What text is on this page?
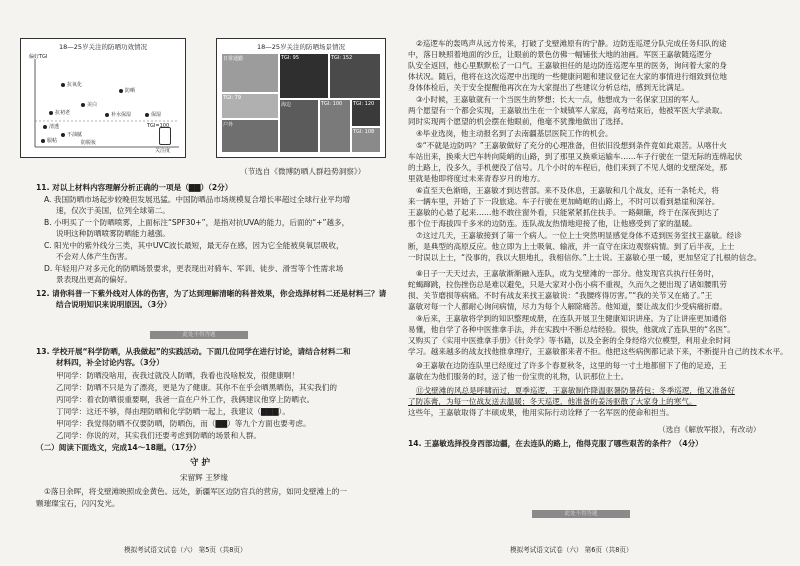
18—25岁关注的防晒功效情况
偏好TGI
防晒
抗氧化
美白
补水保湿	保湿
抗初老
清透	TGI=100
不油腻
服帖	防脱妆
关注度
18—25岁关注的防晒场景情况
日常通勤
TGI: 79
户外
TGI: 95	TGI: 152
海边	TGI: 100	TGI: 120
TGI: 108
（节选自《微博防晒人群趋势洞察》）
11. 对以上材料内容理解分析正确的一项是（▇▇）（2分）
A. 我国防晒市场起步较晚但发展迅猛。中国防晒品市场规模复合增长率超过全球行业平均增
速，仅次于美国，位列全球第二。
B. 小明买了一个防晒喷雾，上面标注“SPF30+”，是指对抗UVA的能力，后面的“+”越多，
说明这种防晒喷雾防晒能力越强。
C. 阳光中的紫外线分三类，其中UVC波长最短，最无存在感，因为它全能被臭氧层吸收，
不会对人体产生伤害。
D. 年轻用户对多元化的防晒场景要求，更表现出对骑车、军训、徒步、滑雪等个性需求场
景表现出更高的偏好。
12. 请你科普一下紫外线对人体的伤害，为了达到理解清晰的科普效果，你会选择材料二还是材料三？请
结合说明知识来说明原因。（3分）
此处不得答题
13. 学校开展“科学防晒，从我做起”的实践活动。下面几位同学在进行讨论，请结合材料二和
材料四，补全讨论内容。（3分）
甲同学：防晒没啥用，夜我过就没人防晒，我看也没啥脱发，很健康啊！
乙同学：防晒不只是为了漂亮，更是为了健康。其你不在乎会晒黑晒伤，其实我们的
丙同学：着衣防晒很重要啊，我爸一直在户外工作，我俩建议他穿上防晒衣。
丁同学：这还不够，得由理防晒和化学防晒一起上，我建议（▇▇▇）。
甲同学：我觉得防晒不仅要防晒，防晒伤，而（▇▇）等九个方面也要考虑。
乙同学：你说的对，其实我们还要考虑到防晒的场景和人群。
（二）阅读下面选文，完成14～18题。（17分）
守 护
宋留辉 王梦缘
①落日余晖，将戈壁滩映照成金黄色。远处，新疆军区边防官兵的营房，如同戈壁滩上的一
颗璀璨宝石，闪闪发光。
模拟考试语文试卷（六） 第5页（共8页）
②巡逻车的轰鸣声从远方传来，打破了戈壁滩原有的宁静。边防连巡逻分队完成任务归队的途
中，落日映照着地面的沙丘，让眼前的景色仿佛一幅铺张大地的油画。军医王嘉敏随巡逻分
队安全返回，他心里默默松了一口气。王嘉敏担任的是边防连巡逻车里的医务，询问着大家的身
体状况。随后，他将在这次巡逻中出现的一些健康问题和建议登记在大家的事情进行细致到位地
身体体检后，关于安全提醒他再次在为大家提出了些建议分析总结，感到无比满足。
③小时候，王嘉敏就有一个当医生的梦想；长大一点，他想成为一名保家卫国的军人。
两个愿望有一个都会实现，王嘉敏出生在一个城镇军人家庭，高考结束后，他被军医大学录取。
同时实现两个愿望的机会摆在他眼前，他毫不犹豫地做出了选择。
④毕业选岗，他主动报名到了去南疆基层医院工作的机会。
⑤“不就是边防吗？”王嘉敏做好了充分的心理准备，但依旧没想到条件竟如此艰苦。从喀什火
车站出来，换乘大巴车转向陡峭的山路，到了那里又换乘运输车……车子行驶在一望无际的连绵起伏
的土路上，没多久，手机便没了信号。几个小时的车程后，他们来到了不见人烟的戈壁深处，那
里就是他即将度过未来青春岁月的地方。
⑥直至天色渐暗，王嘉敏才到达营部。来不及休息，王嘉敏和几个战友，还有一条牦犬，将
来一辆车里，开始了下一段旅途。车子行驶在更加崎岖的山路上，不时可以看到悬崖和深谷。
王嘉敏的心悬了起来……他不敢往窗外看，只能紧紧抓住扶手。一路颠簸，终于在深夜到达了
那个位于海拔四千多米的边防连。连队战友热情地迎接了他，让他感受到了家的温暖。
⑦这过几天，王嘉敏接到了第一个病人。一位上士突然明显感觉身体不适到医务室找王嘉敏。经诊
断，是典型的高原反应。他立即为上士吸氧、输液，并一直守在床边观察病情。到了后半夜，上士
一时误以上士，“没事的，我以大胆地扎，我相信你。”上士说。王嘉敏心里一暖，更加坚定了扎根的信念。
⑧日子一天天过去，王嘉敏渐渐融入连队，成为戈壁滩的一部分。他发现官兵执行任务时，
蛇蝎蹿跳，拉伤挫伤总是难以避免，只是大家对小伤小病不重视，久而久之便出现了诸如腰肌劳
损、关节磨损等病痛。不时有战友来找王嘉敏说：“我腰疼得厉害。”“我的关节又在痛了。”王
嘉敏对每一个人都耐心询问病情，尽力为每个人解除痛苦。他知道，要让战友们少受病痛折磨。
⑨后来，王嘉敏将学到的知识整理成册，在连队开展卫生健康知识讲座。为了让讲座更加通俗
易懂，他自学了各种中医推拿手法，并在实践中不断总结经验。很快，他就成了连队里的“名医”。
又购买了《实用中医推拿手册》《针灸学》等书籍，以及全套的全身经络穴位模型，利用业余时间
学习。越来越多的战友找他推拿理疗，王嘉敏都来者不拒。他把这些病例都记录下来，不断提升自己的技术水平。
⑩王嘉敏在边防连队里已经度过了许多个春夏秋冬，这里的每一寸土地都留下了他的足迹，王
嘉敏在为他们服务的时，送了他一份宝贵的礼物，认识那位上士。
⑪戈壁滩的风总是呼啸而过，夏季巡逻，王嘉敏制作降温驱暑防暑药包；冬季巡逻，他又准备好
了防冻膏，为每一位战友送去温暖；冬天巡逻，他准备的姜汤驱散了大家身上的寒气。
这些年，王嘉敏取得了丰硕成果，他用实际行动诠释了一名军医的使命和担当。
（选自《解放军报》，有改动）
14. 王嘉敏选择投身西部边疆，在去连队的路上，他得克服了哪些艰苦的条件？（4分）
此处不得答题
模拟考试语文试卷（六） 第6页（共8页）
